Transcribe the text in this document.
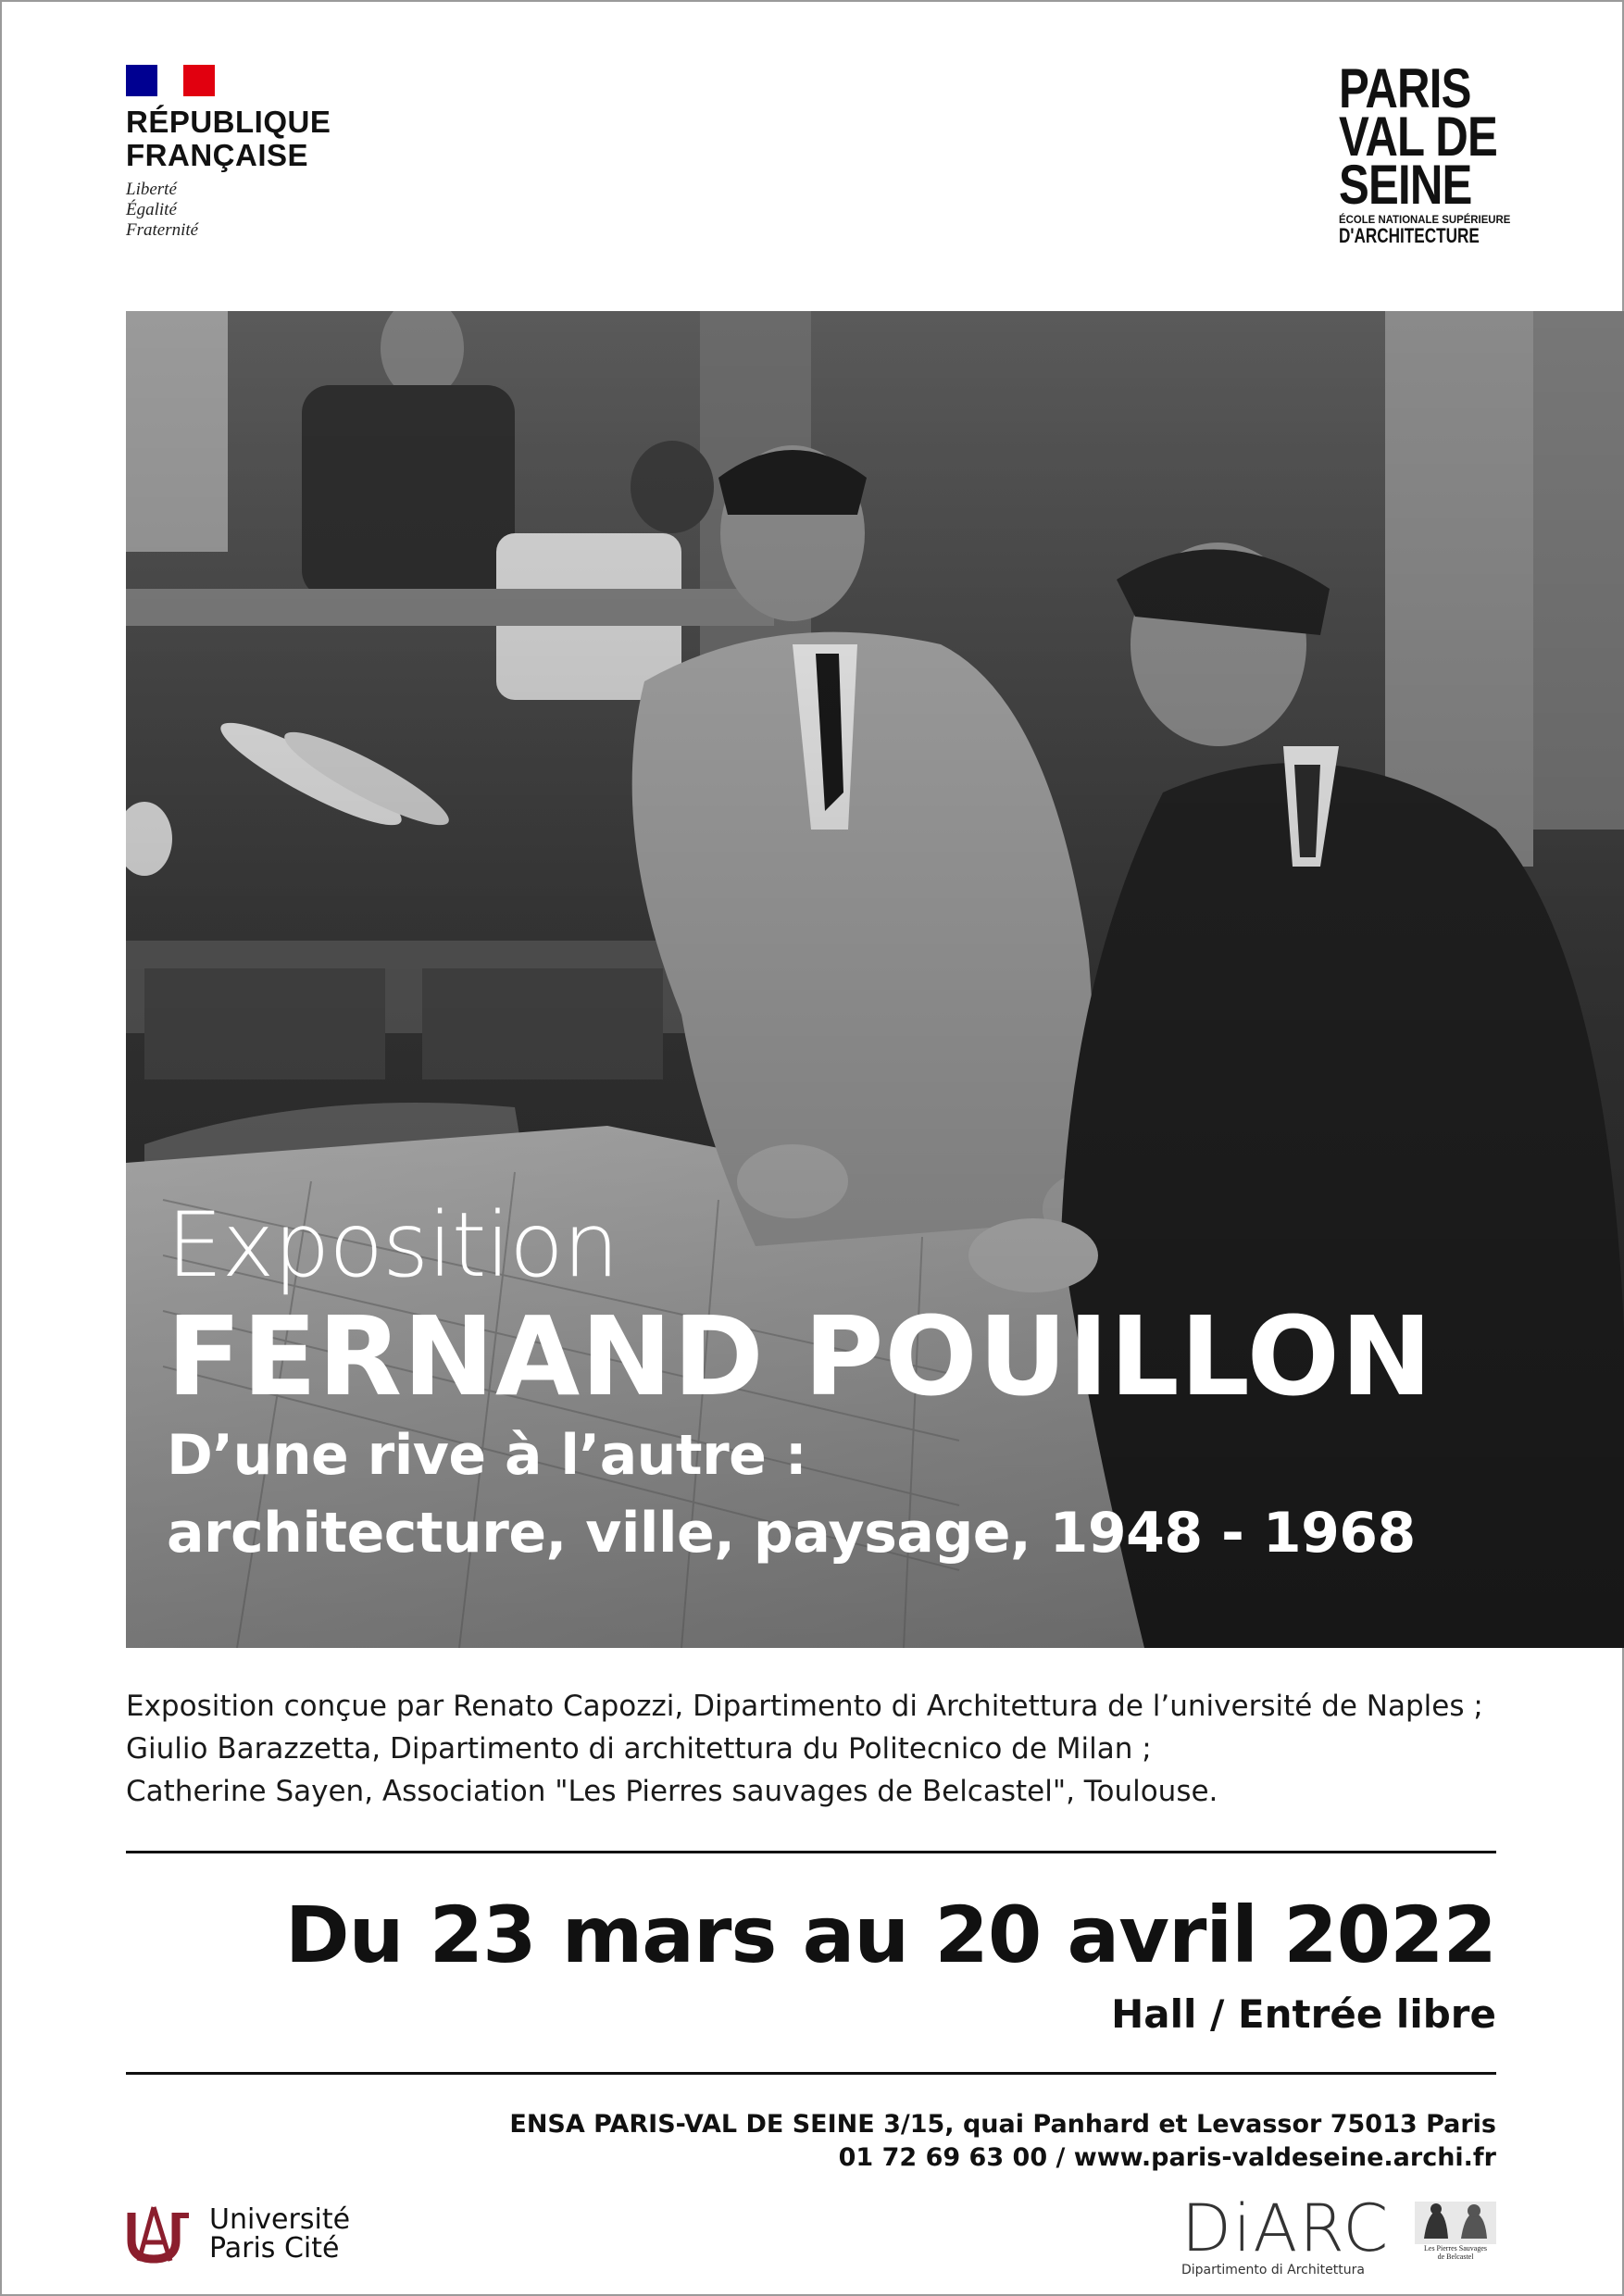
RÉPUBLIQUE
FRANÇAISE
Liberté
Égalité
Fraternité
PARIS
VAL DE
SEINE
ÉCOLE NATIONALE SUPÉRIEURE
D'ARCHITECTURE
Exposition
FERNAND POUILLON
D’une rive à l’autre :
architecture, ville, paysage, 1948 - 1968
Exposition conçue par Renato Capozzi, Dipartimento di Architettura de l’université de Naples ;
Giulio Barazzetta, Dipartimento di architettura du Politecnico de Milan ;
Catherine Sayen, Association "Les Pierres sauvages de Belcastel", Toulouse.
Du 23 mars au 20 avril 2022
Hall / Entrée libre
ENSA PARIS-VAL DE SEINE 3/15, quai Panhard et Levassor 75013 Paris
01 72 69 63 00 / www.paris-valdeseine.archi.fr
Université
Paris Cité	DiARC
Dipartimento di Architettura
Les Pierres Sauvages
de Belcastel
